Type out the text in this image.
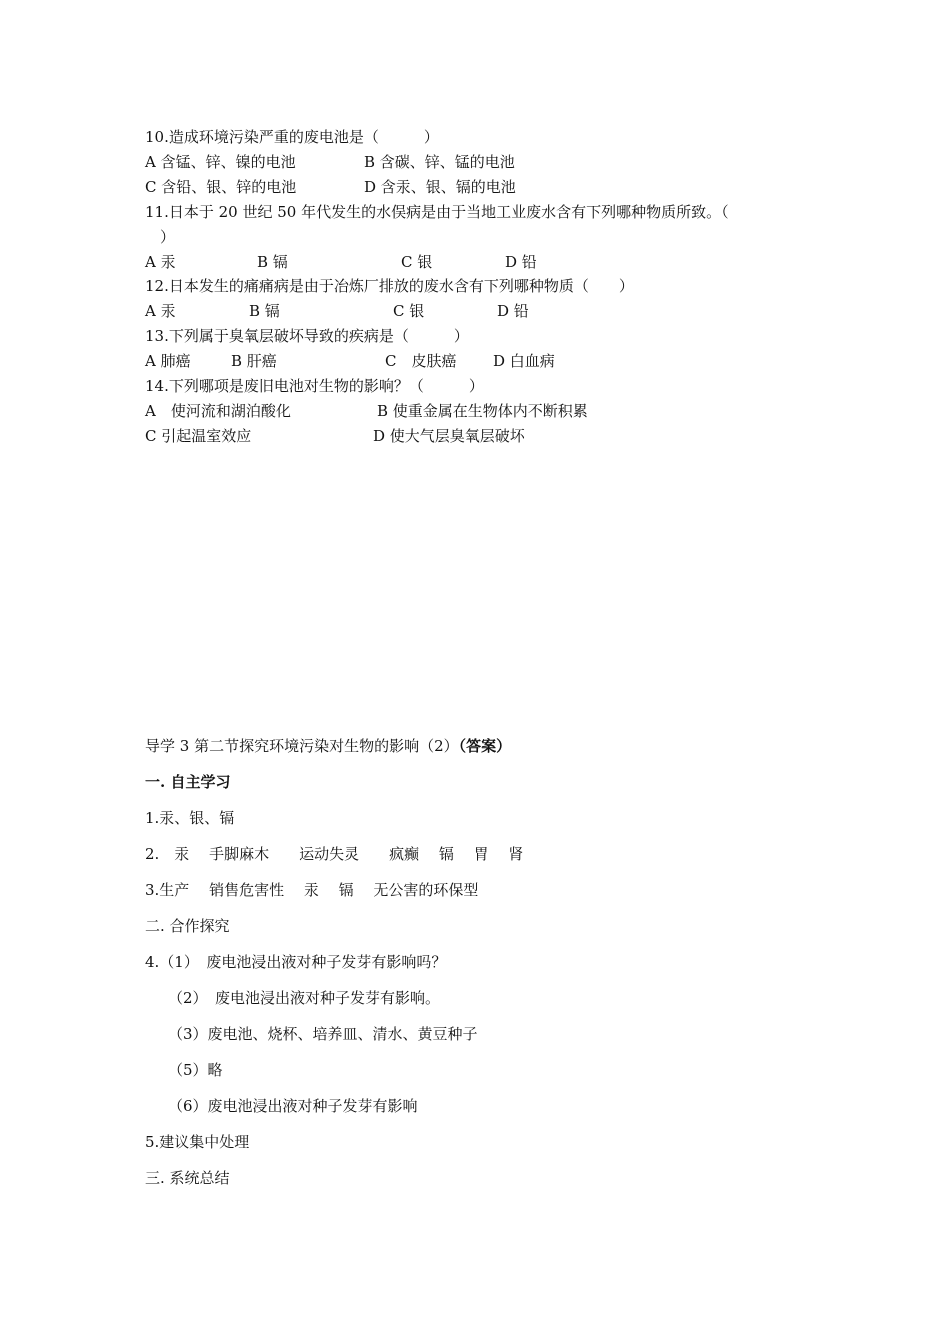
10.造成环境污染严重的废电池是（　　　）
A 含锰、锌、镍的电池	B 含碳、锌、锰的电池
C 含铅、银、锌的电池	D 含汞、银、镉的电池
11.日本于 20 世纪 50 年代发生的水俣病是由于当地工业废水含有下列哪种物质所致。（
）
A 汞	B 镉	C 银	D 铅
12.日本发生的痛痛病是由于冶炼厂排放的废水含有下列哪种物质（　　）
A 汞	B 镉	C 银	D 铅
13.下列属于臭氧层破坏导致的疾病是（　　　）
A 肺癌	B 肝癌	C　皮肤癌 D 白血病
14.下列哪项是废旧电池对生物的影响？（　　　）
A　使河流和湖泊酸化	B 使重金属在生物体内不断积累
C 引起温室效应	D 使大气层臭氧层破坏
导学 3 第二节探究环境污染对生物的影响（2）（答案）
一. 自主学习
1.汞、银、镉
2.　汞　 手脚麻木　　运动失灵　　疯癫　 镉　 胃　 肾
3.生产　 销售危害性　 汞　 镉　 无公害的环保型
二. 合作探究
4.（1）　废电池浸出液对种子发芽有影响吗？
（2）　废电池浸出液对种子发芽有影响。
（3）废电池、烧杯、培养皿、清水、黄豆种子
（5）略
（6）废电池浸出液对种子发芽有影响
5.建议集中处理
三. 系统总结
